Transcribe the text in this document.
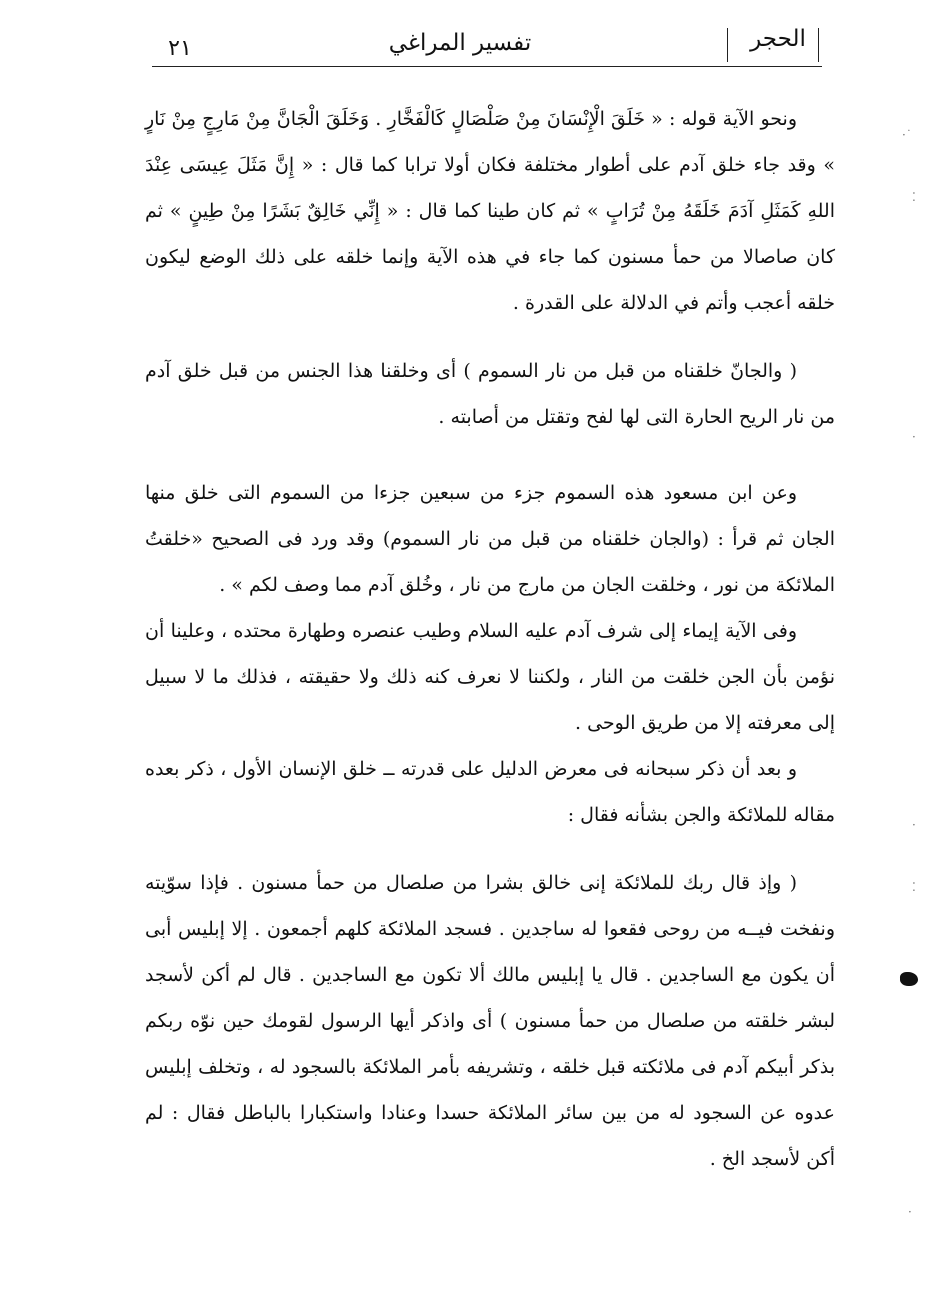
٢١	تفسير المراغي	الحجر

ونحو الآية قوله : « خَلَقَ الْإِنْسَانَ مِنْ صَلْصَالٍ كَالْفَخَّارِ . وَخَلَقَ الْجَانَّ مِنْ مَارِجٍ مِنْ نَارٍ » وقد جاء خلق آدم على أطوار مختلفة فكان أولا ترابا كما قال : « إِنَّ مَثَلَ عِيسَى عِنْدَ اللهِ كَمَثَلِ آدَمَ خَلَقَهُ مِنْ تُرَابٍ » ثم كان طينا كما قال : « إِنِّي خَالِقٌ بَشَرًا مِنْ طِينٍ » ثم كان صاصالا من حمأ مسنون كما جاء في هذه الآية وإنما خلقه على ذلك الوضع ليكون خلقه أعجب وأتم في الدلالة على القدرة .

( والجانّ خلقناه من قبل من نار السموم ) أى وخلقنا هذا الجنس من قبل خلق آدم من نار الريح الحارة التى لها لفح وتقتل من أصابته .

وعن ابن مسعود هذه السموم جزء من سبعين جزءا من السموم التى خلق منها الجان ثم قرأ : (والجان خلقناه من قبل من نار السموم) وقد ورد فى الصحيح «خلقتُ الملائكة من نور ، وخلقت الجان من مارج من نار ، وخُلق آدم مما وصف لكم » .

وفى الآية إيماء إلى شرف آدم عليه السلام وطيب عنصره وطهارة محتده ، وعلينا أن نؤمن بأن الجن خلقت من النار ، ولكننا لا نعرف كنه ذلك ولا حقيقته ، فذلك ما لا سبيل إلى معرفته إلا من طريق الوحى .

و بعد أن ذكر سبحانه فى معرض الدليل على قدرته ــ خلق الإنسان الأول ، ذكر بعده مقاله للملائكة والجن بشأنه فقال :

( وإذ قال ربك للملائكة إنى خالق بشرا من صلصال من حمأ مسنون . فإذا سوّيته ونفخت فيــه من روحى فقعوا له ساجدين . فسجد الملائكة كلهم أجمعون . إلا إبليس أبى أن يكون مع الساجدين . قال يا إبليس مالك ألا تكون مع الساجدين . قال لم أكن لأسجد لبشر خلقته من صلصال من حمأ مسنون ) أى واذكر أيها الرسول لقومك حين نوّه ربكم بذكر أبيكم آدم فى ملائكته قبل خلقه ، وتشريفه بأمر الملائكة بالسجود له ، وتخلف إبليس عدوه عن السجود له من بين سائر الملائكة حسدا وعنادا واستكبارا بالباطل فقال : لم أكن لأسجد الخ .

·˙
⁚
·
·
⁚
·
